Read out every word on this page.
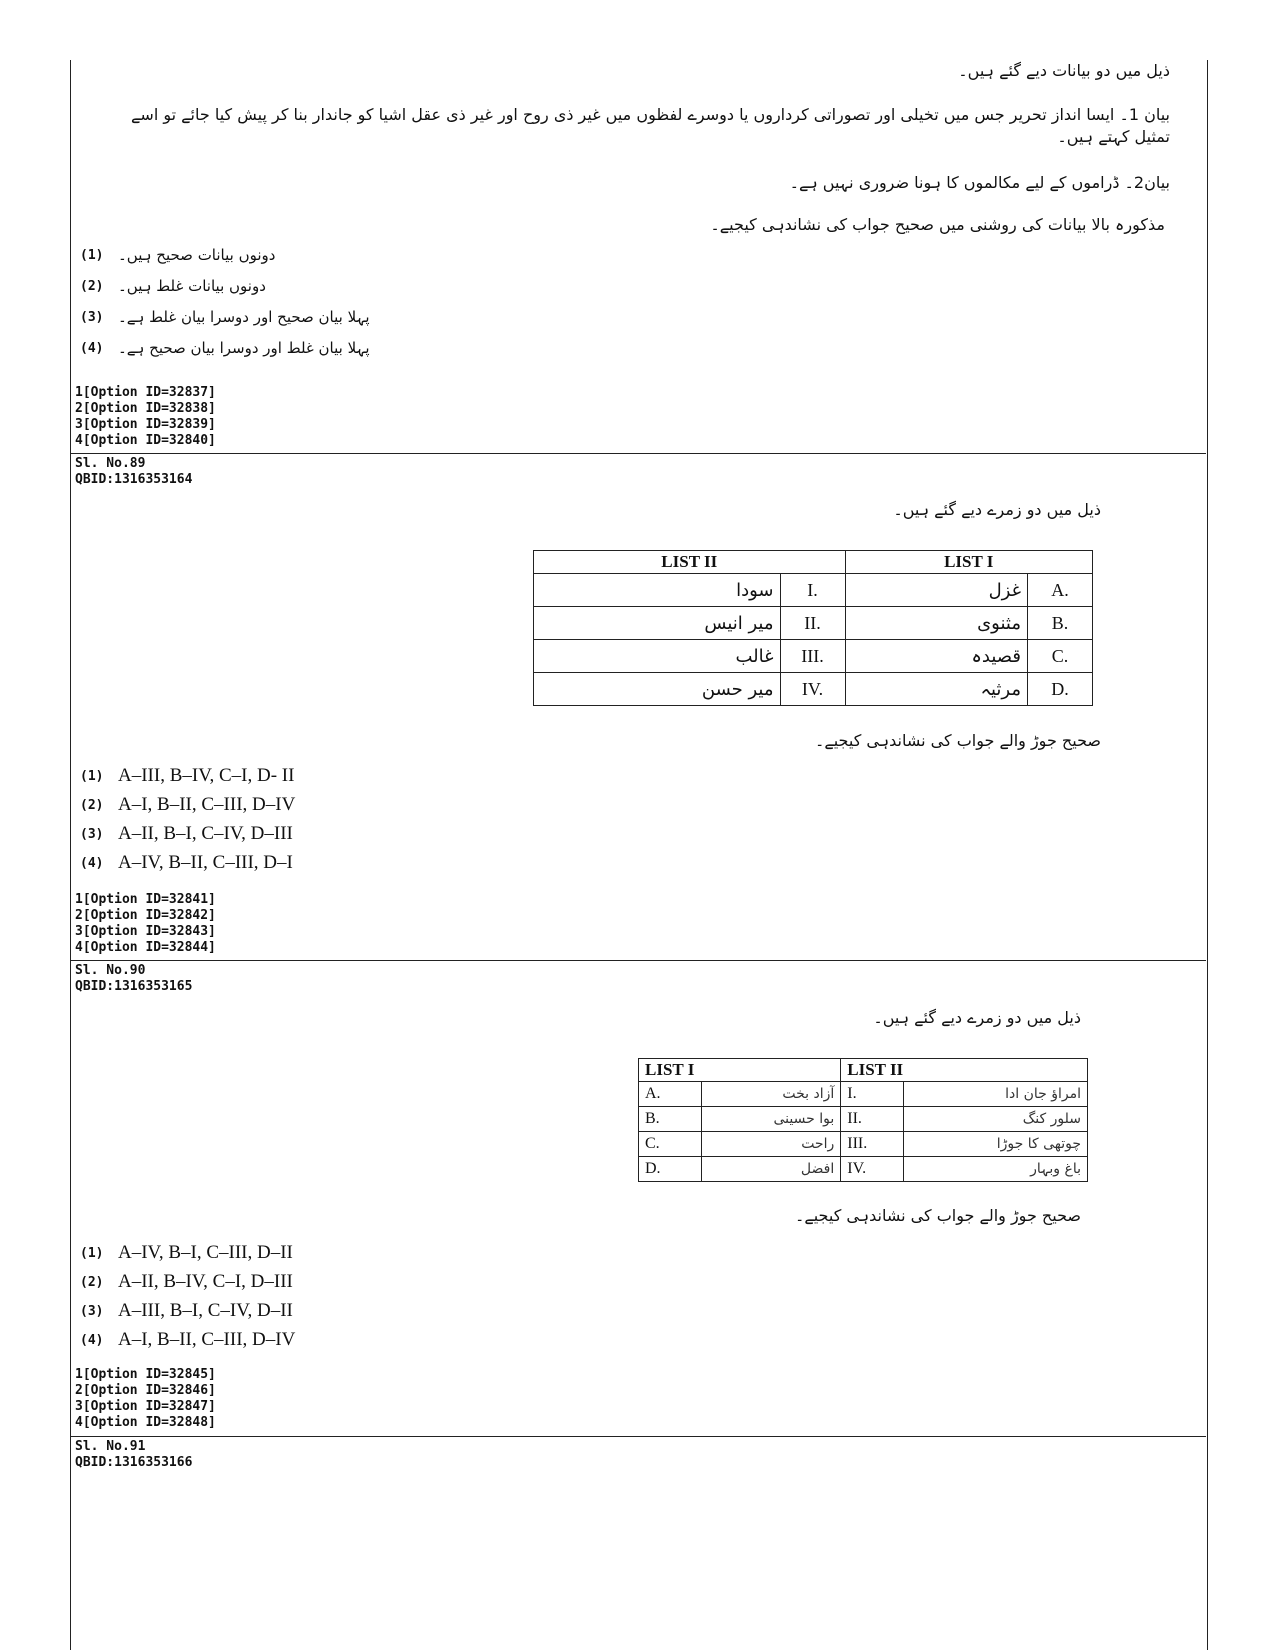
ذیل میں دو بیانات دیے گئے ہیں۔
بیان 1۔ ایسا انداز تحریر جس میں تخیلی اور تصوراتی کرداروں یا دوسرے لفظوں میں غیر ذی روح اور غیر ذی عقل اشیا کو جاندار بنا کر پیش کیا جائے تو اسے تمثیل کہتے ہیں۔
بیان2۔ ڈراموں کے لیے مکالموں کا ہونا ضروری نہیں ہے۔
مذکورہ بالا بیانات کی روشنی میں صحیح جواب کی نشاندہی کیجیے۔
(1) دونوں بیانات صحیح ہیں۔
(2) دونوں بیانات غلط ہیں۔
(3) پہلا بیان صحیح اور دوسرا بیان غلط ہے۔
(4) پہلا بیان غلط اور دوسرا بیان صحیح ہے۔
1[Option ID=32837]
2[Option ID=32838]
3[Option ID=32839]
4[Option ID=32840]
Sl. No.89
QBID:1316353164
ذیل میں دو زمرے دیے گئے ہیں۔
LIST II		LIST I	
سودا	I.	غزل	A.
میر انیس	II.	مثنوی	B.
غالب	III.	قصیدہ	C.
میر حسن	IV.	مرثیہ	D.
صحیح جوڑ والے جواب کی نشاندہی کیجیے۔
(1) A–III, B–IV, C–I, D- II
(2) A–I, B–II, C–III, D–IV
(3) A–II, B–I, C–IV, D–III
(4) A–IV, B–II, C–III, D–I
1[Option ID=32841]
2[Option ID=32842]
3[Option ID=32843]
4[Option ID=32844]
Sl. No.90
QBID:1316353165
ذیل میں دو زمرے دیے گئے ہیں۔
LIST I		LIST II	
A.	آزاد بخت	I.	امراؤ جان ادا
B.	بوا حسینی	II.	سلور کنگ
C.	راحت	III.	چوتھی کا جوڑا
D.	افضل	IV.	باغ وبہار
صحیح جوڑ والے جواب کی نشاندہی کیجیے۔
(1) A–IV, B–I, C–III, D–II
(2) A–II, B–IV, C–I, D–III
(3) A–III, B–I, C–IV, D–II
(4) A–I, B–II, C–III, D–IV
1[Option ID=32845]
2[Option ID=32846]
3[Option ID=32847]
4[Option ID=32848]
Sl. No.91
QBID:1316353166
